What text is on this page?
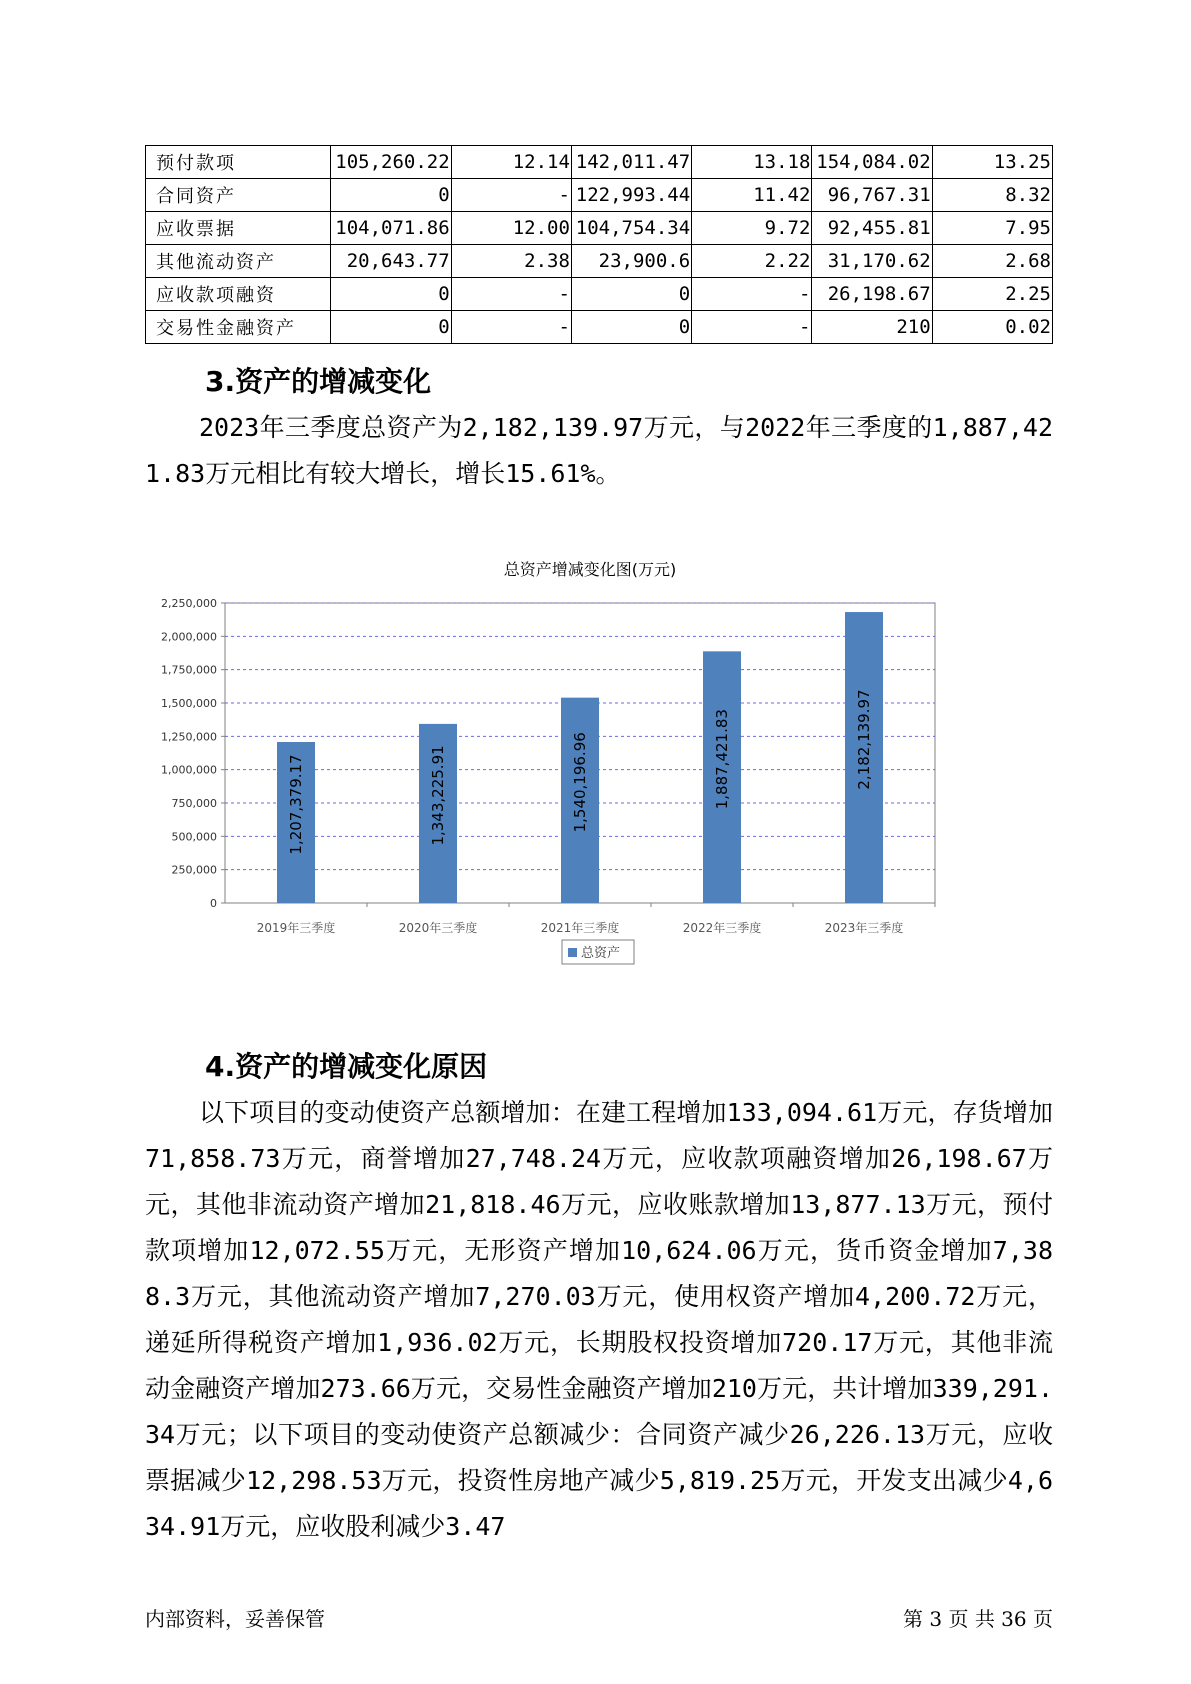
预付款项	105,260.22	12.14	142,011.47	13.18	154,084.02	13.25
合同资产	0	-	122,993.44	11.42	96,767.31	8.32
应收票据	104,071.86	12.00	104,754.34	9.72	92,455.81	7.95
其他流动资产	20,643.77	2.38	23,900.6	2.22	31,170.62	2.68
应收款项融资	0	-	0	-	26,198.67	2.25
交易性金融资产	0	-	0	-	210	0.02
3.资产的增减变化

2023年三季度总资产为2,182,139.97万元，与2022年三季度的1,887,421.83万元相比有较大增长，增长15.61%。

总资产增减变化图(万元)
0
250,000
500,000
750,000
1,000,000
1,250,000
1,500,000
1,750,000
2,000,000
2,250,000
1,207,379.17
2019年三季度
1,343,225.91
2020年三季度
1,540,196.96
2021年三季度
1,887,421.83
2022年三季度
2,182,139.97
2023年三季度
总资产
4.资产的增减变化原因

以下项目的变动使资产总额增加：在建工程增加133,094.61万元，存货增加71,858.73万元，商誉增加27,748.24万元，应收款项融资增加26,198.67万元，其他非流动资产增加21,818.46万元，应收账款增加13,877.13万元，预付款项增加12,072.55万元，无形资产增加10,624.06万元，货币资金增加7,388.3万元，其他流动资产增加7,270.03万元，使用权资产增加4,200.72万元，递延所得税资产增加1,936.02万元，长期股权投资增加720.17万元，其他非流动金融资产增加273.66万元，交易性金融资产增加210万元，共计增加339,291.34万元；以下项目的变动使资产总额减少：合同资产减少26,226.13万元，应收票据减少12,298.53万元，投资性房地产减少5,819.25万元，开发支出减少4,634.91万元，应收股利减少3.47

内部资料，妥善保管	第 3 页 共 36 页
